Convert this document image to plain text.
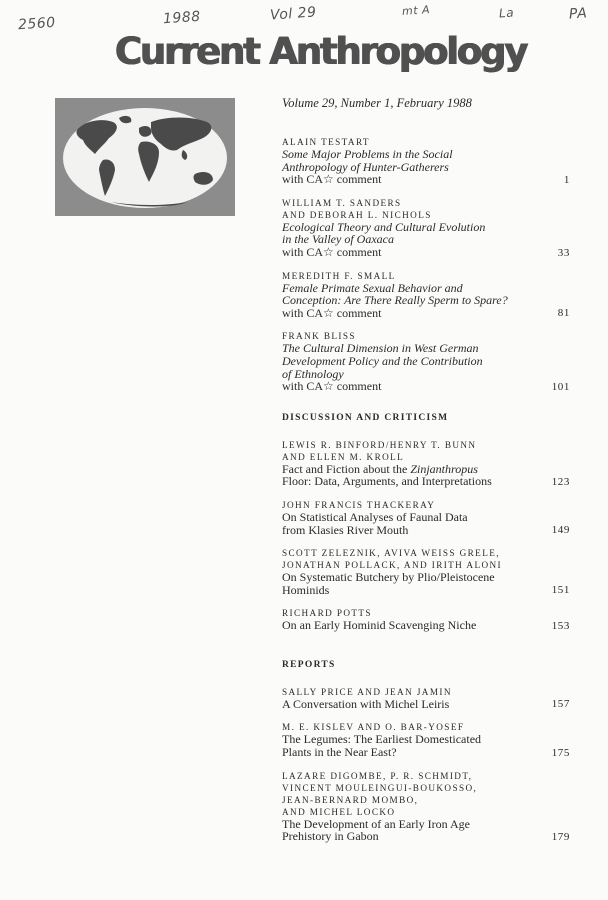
2560	1988	Vol 29	mt A	La	PA
Current Anthropology
Volume 29, Number 1, February 1988
ALAIN TESTART
Some Major Problems in the Social
Anthropology of Hunter-Gatherers
with CA☆ comment	1
WILLIAM T. SANDERS
AND DEBORAH L. NICHOLS
Ecological Theory and Cultural Evolution
in the Valley of Oaxaca
with CA☆ comment	33
MEREDITH F. SMALL
Female Primate Sexual Behavior and
Conception: Are There Really Sperm to Spare?
with CA☆ comment	81
FRANK BLISS
The Cultural Dimension in West German
Development Policy and the Contribution
of Ethnology
with CA☆ comment	101
DISCUSSION AND CRITICISM
LEWIS R. BINFORD/HENRY T. BUNN
AND ELLEN M. KROLL
Fact and Fiction about the Zinjanthropus
Floor: Data, Arguments, and Interpretations	123
JOHN FRANCIS THACKERAY
On Statistical Analyses of Faunal Data
from Klasies River Mouth	149
SCOTT ZELEZNIK, AVIVA WEISS GRELE,
JONATHAN POLLACK, AND IRITH ALONI
On Systematic Butchery by Plio/Pleistocene
Hominids	151
RICHARD POTTS
On an Early Hominid Scavenging Niche	153
REPORTS
SALLY PRICE AND JEAN JAMIN
A Conversation with Michel Leiris	157
M. E. KISLEV AND O. BAR-YOSEF
The Legumes: The Earliest Domesticated
Plants in the Near East?	175
LAZARE DIGOMBE, P. R. SCHMIDT,
VINCENT MOULEINGUI-BOUKOSSO,
JEAN-BERNARD MOMBO,
AND MICHEL LOCKO
The Development of an Early Iron Age
Prehistory in Gabon	179
